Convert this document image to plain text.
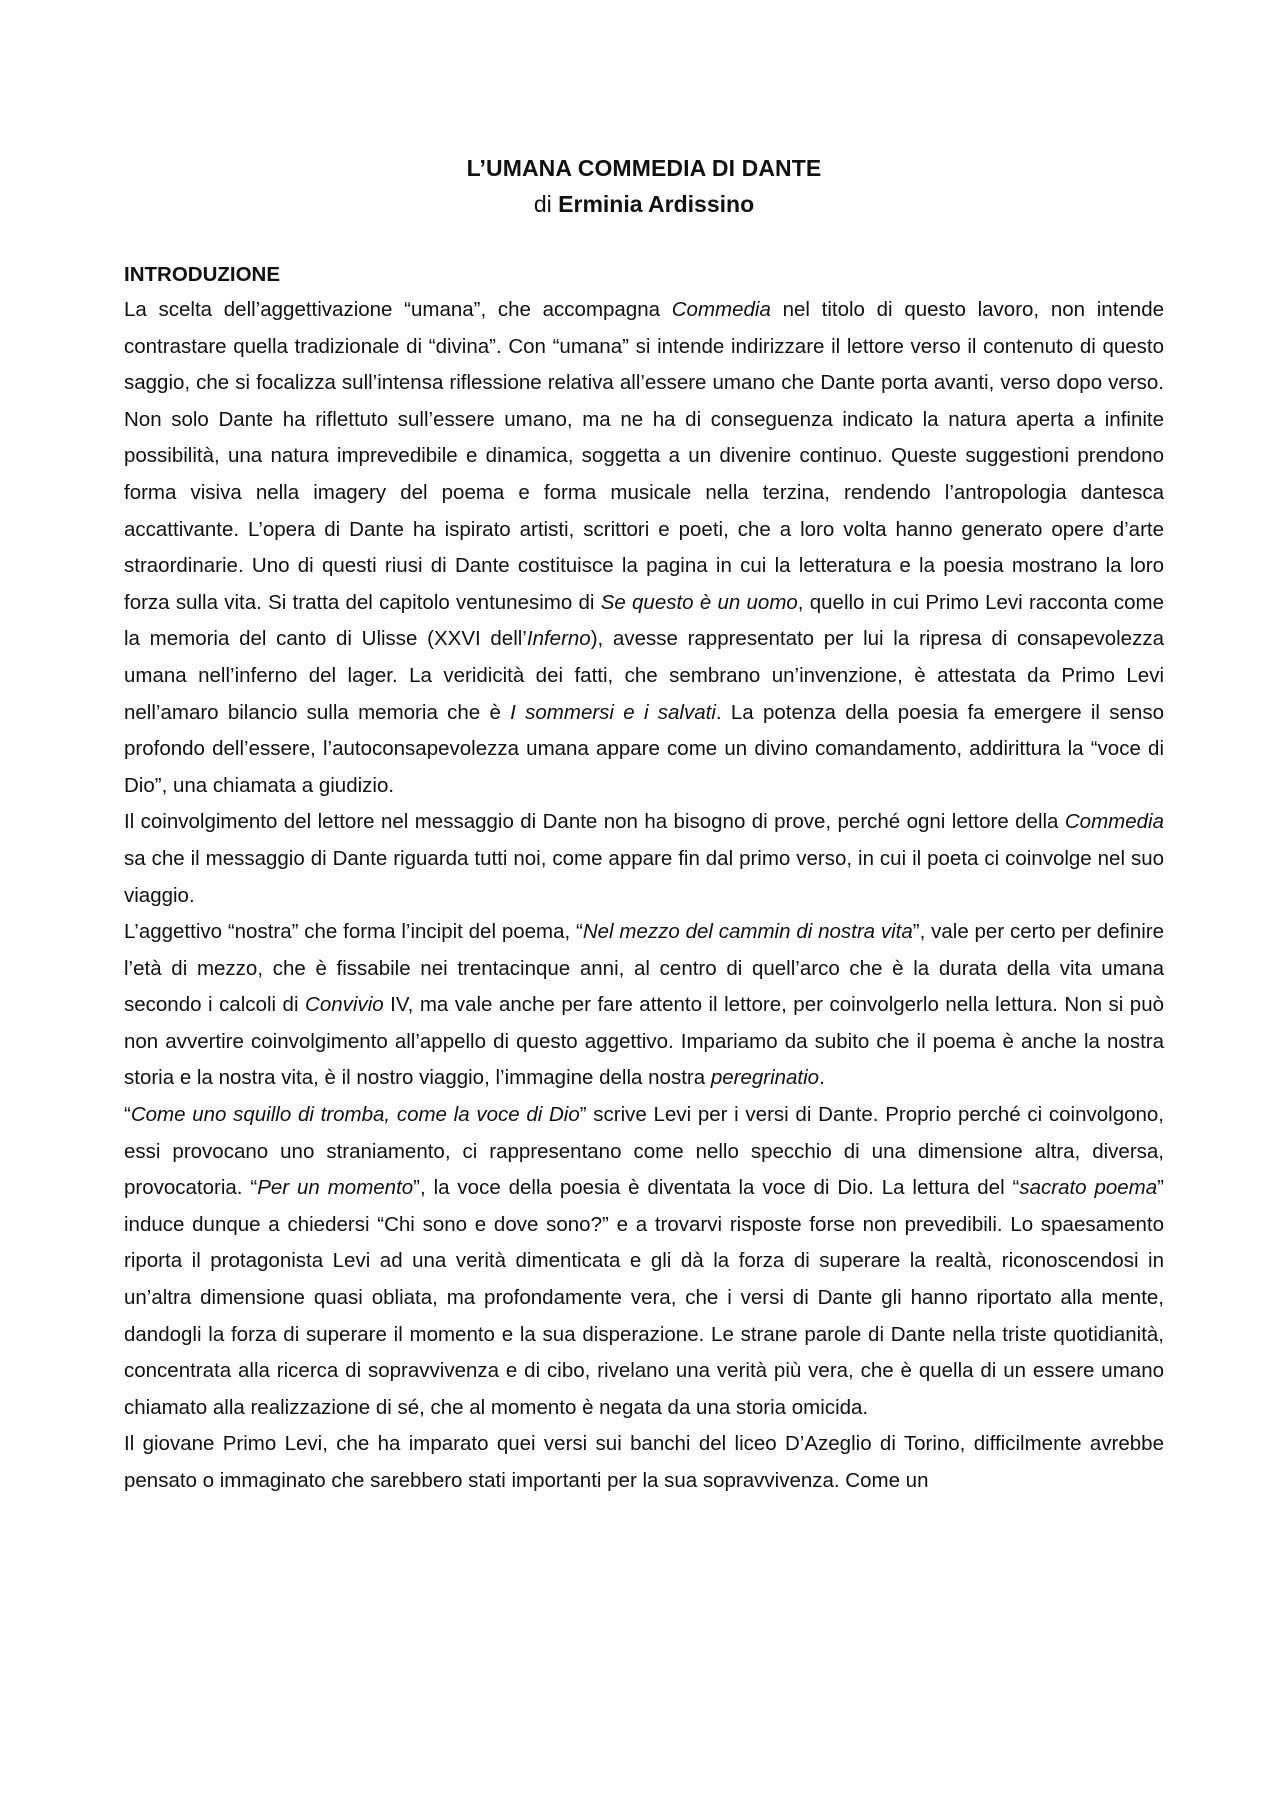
L’UMANA COMMEDIA DI DANTE
di Erminia Ardissino
INTRODUZIONE

La scelta dell’aggettivazione “umana”, che accompagna Commedia nel titolo di questo lavoro, non intende contrastare quella tradizionale di “divina”. Con “umana” si intende indirizzare il lettore verso il contenuto di questo saggio, che si focalizza sull’intensa riflessione relativa all’essere umano che Dante porta avanti, verso dopo verso. Non solo Dante ha riflettuto sull’essere umano, ma ne ha di conseguenza indicato la natura aperta a infinite possibilità, una natura imprevedibile e dinamica, soggetta a un divenire continuo. Queste suggestioni prendono forma visiva nella imagery del poema e forma musicale nella terzina, rendendo l’antropologia dantesca accattivante. L’opera di Dante ha ispirato artisti, scrittori e poeti, che a loro volta hanno generato opere d’arte straordinarie. Uno di questi riusi di Dante costituisce la pagina in cui la letteratura e la poesia mostrano la loro forza sulla vita. Si tratta del capitolo ventunesimo di Se questo è un uomo, quello in cui Primo Levi racconta come la memoria del canto di Ulisse (XXVI dell’Inferno), avesse rappresentato per lui la ripresa di consapevolezza umana nell’inferno del lager. La veridicità dei fatti, che sembrano un’invenzione, è attestata da Primo Levi nell’amaro bilancio sulla memoria che è I sommersi e i salvati. La potenza della poesia fa emergere il senso profondo dell’essere, l’autoconsapevolezza umana appare come un divino comandamento, addirittura la “voce di Dio”, una chiamata a giudizio.

Il coinvolgimento del lettore nel messaggio di Dante non ha bisogno di prove, perché ogni lettore della Commedia sa che il messaggio di Dante riguarda tutti noi, come appare fin dal primo verso, in cui il poeta ci coinvolge nel suo viaggio.

L’aggettivo “nostra” che forma l’incipit del poema, “Nel mezzo del cammin di nostra vita”, vale per certo per definire l’età di mezzo, che è fissabile nei trentacinque anni, al centro di quell’arco che è la durata della vita umana secondo i calcoli di Convivio IV, ma vale anche per fare attento il lettore, per coinvolgerlo nella lettura. Non si può non avvertire coinvolgimento all’appello di questo aggettivo. Impariamo da subito che il poema è anche la nostra storia e la nostra vita, è il nostro viaggio, l’immagine della nostra peregrinatio.

“Come uno squillo di tromba, come la voce di Dio” scrive Levi per i versi di Dante. Proprio perché ci coinvolgono, essi provocano uno straniamento, ci rappresentano come nello specchio di una dimensione altra, diversa, provocatoria. “Per un momento”, la voce della poesia è diventata la voce di Dio. La lettura del “sacrato poema” induce dunque a chiedersi “Chi sono e dove sono?” e a trovarvi risposte forse non prevedibili. Lo spaesamento riporta il protagonista Levi ad una verità dimenticata e gli dà la forza di superare la realtà, riconoscendosi in un’altra dimensione quasi obliata, ma profondamente vera, che i versi di Dante gli hanno riportato alla mente, dandogli la forza di superare il momento e la sua disperazione. Le strane parole di Dante nella triste quotidianità, concentrata alla ricerca di sopravvivenza e di cibo, rivelano una verità più vera, che è quella di un essere umano chiamato alla realizzazione di sé, che al momento è negata da una storia omicida.

Il giovane Primo Levi, che ha imparato quei versi sui banchi del liceo D’Azeglio di Torino, difficilmente avrebbe pensato o immaginato che sarebbero stati importanti per la sua sopravvivenza. Come un
